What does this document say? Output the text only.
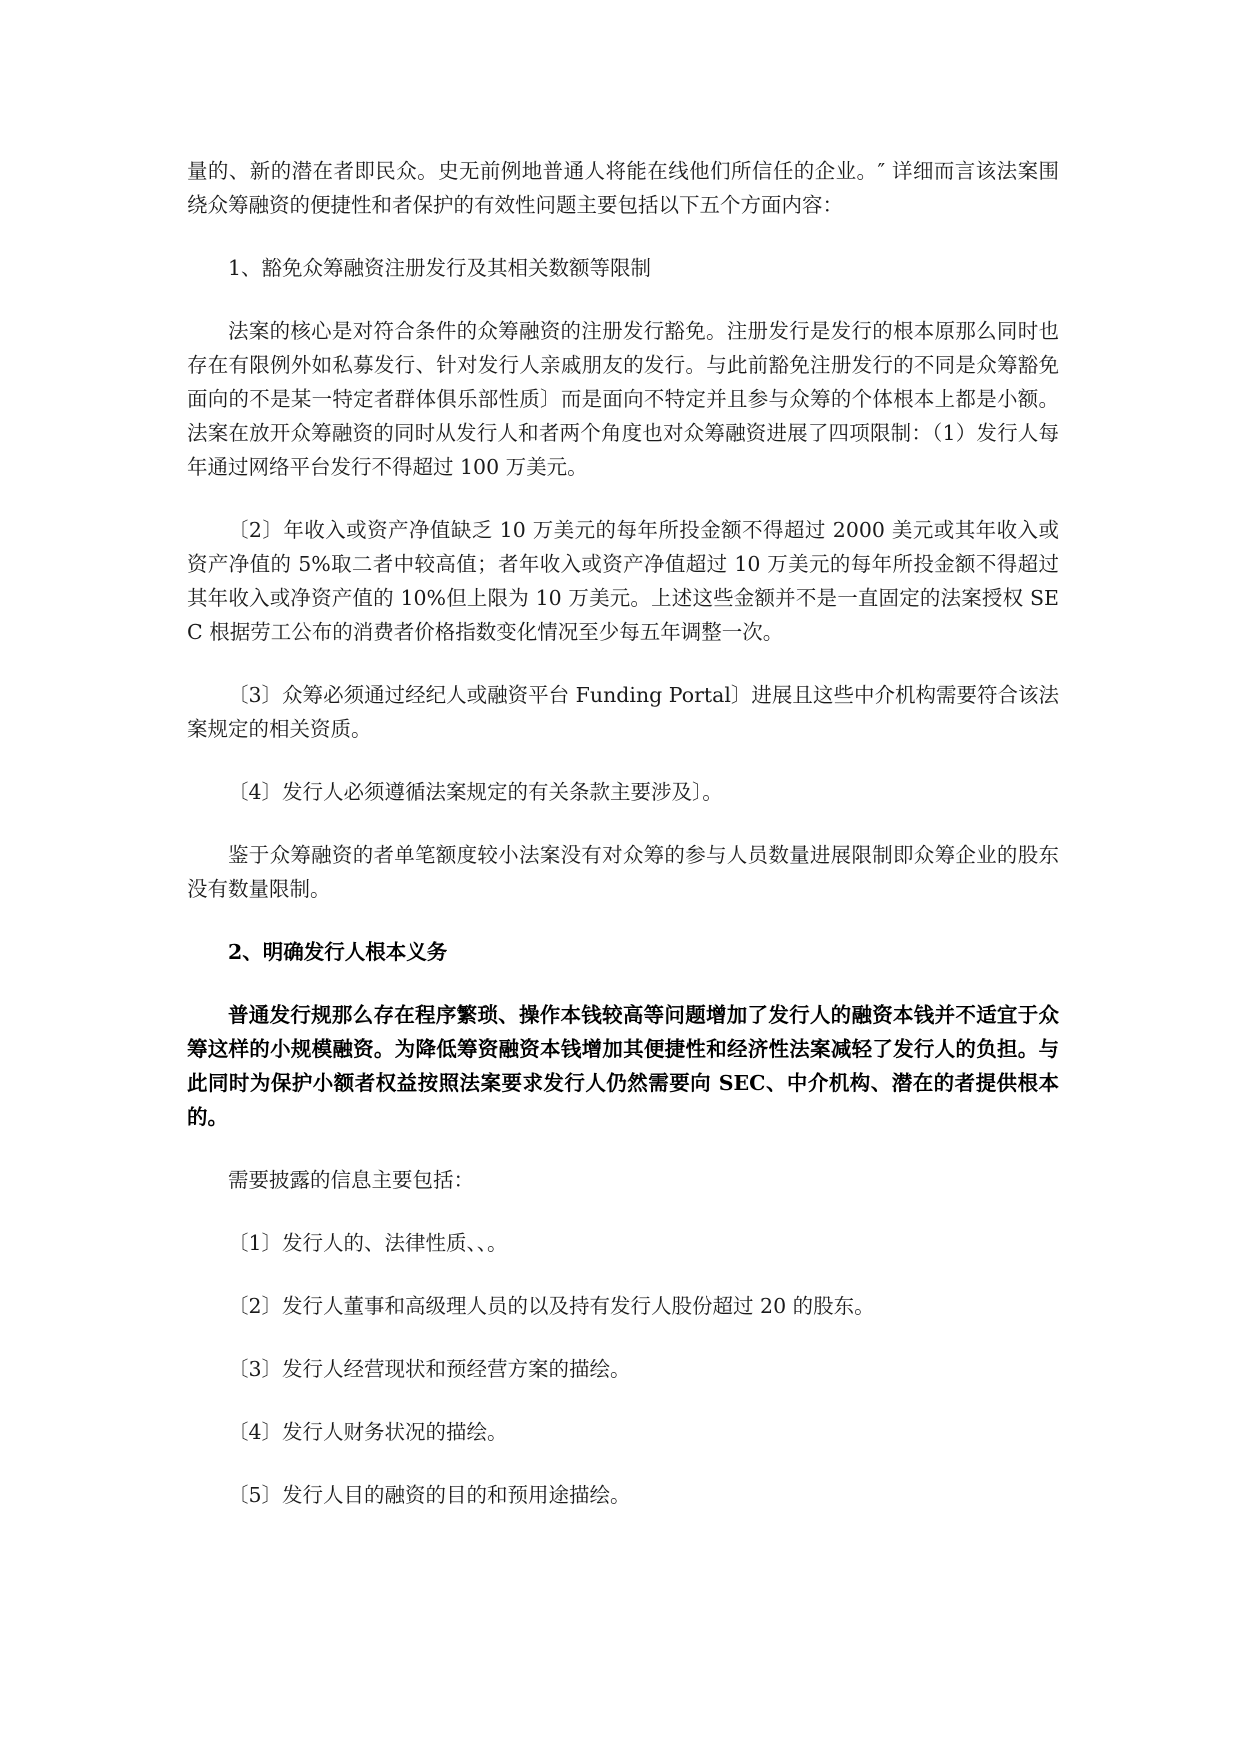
量的、新的潜在者即民众。史无前例地普通人将能在线他们所信任的企业。″ 详细而言该法案围绕众筹融资的便捷性和者保护的有效性问题主要包括以下五个方面内容：

1、豁免众筹融资注册发行及其相关数额等限制

法案的核心是对符合条件的众筹融资的注册发行豁免。注册发行是发行的根本原那么同时也存在有限例外如私募发行、针对发行人亲戚朋友的发行。与此前豁免注册发行的不同是众筹豁免面向的不是某一特定者群体俱乐部性质〕而是面向不特定并且参与众筹的个体根本上都是小额。法案在放开众筹融资的同时从发行人和者两个角度也对众筹融资进展了四项限制：（1）发行人每年通过网络平台发行不得超过 100 万美元。

〔2〕年收入或资产净值缺乏 10 万美元的每年所投金额不得超过 2000 美元或其年收入或资产净值的 5%取二者中较高值；者年收入或资产净值超过 10 万美元的每年所投金额不得超过其年收入或净资产值的 10%但上限为 10 万美元。上述这些金额并不是一直固定的法案授权 SEC 根据劳工公布的消费者价格指数变化情况至少每五年调整一次。

〔3〕众筹必须通过经纪人或融资平台 Funding Portal〕进展且这些中介机构需要符合该法案规定的相关资质。

〔4〕发行人必须遵循法案规定的有关条款主要涉及〕。

鉴于众筹融资的者单笔额度较小法案没有对众筹的参与人员数量进展限制即众筹企业的股东没有数量限制。

2、明确发行人根本义务

普通发行规那么存在程序繁琐、操作本钱较高等问题增加了发行人的融资本钱并不适宜于众筹这样的小规模融资。为降低筹资融资本钱增加其便捷性和经济性法案减轻了发行人的负担。与此同时为保护小额者权益按照法案要求发行人仍然需要向 SEC、中介机构、潜在的者提供根本的。

需要披露的信息主要包括：

〔1〕发行人的、法律性质、、。

〔2〕发行人董事和高级理人员的以及持有发行人股份超过 20 的股东。

〔3〕发行人经营现状和预经营方案的描绘。

〔4〕发行人财务状况的描绘。

〔5〕发行人目的融资的目的和预用途描绘。
